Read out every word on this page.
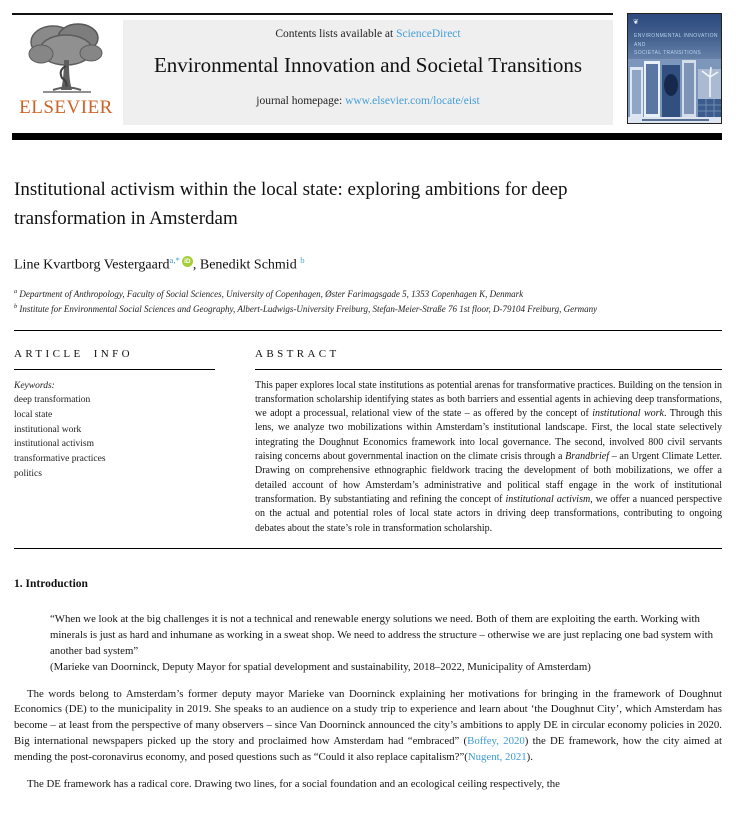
ELSEVIER
Contents lists available at ScienceDirect
Environmental Innovation and Societal Transitions
journal homepage: www.elsevier.com/locate/eist
❦
ENVIRONMENTAL INNOVATION AND
SOCIETAL TRANSITIONS
Institutional activism within the local state: exploring ambitions for deep transformation in Amsterdam
Line Kvartborg Vestergaard$^{a,*}$ iD , Benedikt Schmid $^b$
$^a$ Department of Anthropology, Faculty of Social Sciences, University of Copenhagen, Øster Farimagsgade 5, 1353 Copenhagen K, Denmark
$^b$ Institute for Environmental Social Sciences and Geography, Albert-Ludwigs-University Freiburg, Stefan-Meier-Straße 76 1st floor, D-79104 Freiburg, Germany
ARTICLE INFO
Keywords:
deep transformation
local state
institutional work
institutional activism
transformative practices
politics
ABSTRACT

This paper explores local state institutions as potential arenas for transformative practices. Building on the tension in transformation scholarship identifying states as both barriers and essential agents in achieving deep transformations, we adopt a processual, relational view of the state – as offered by the concept of institutional work. Through this lens, we analyze two mobilizations within Amsterdam’s institutional landscape. First, the local state selectively integrating the Doughnut Economics framework into local governance. The second, involved 800 civil servants raising concerns about governmental inaction on the climate crisis through a Brandbrief – an Urgent Climate Letter. Drawing on comprehensive ethnographic fieldwork tracing the development of both mobilizations, we offer a detailed account of how Amsterdam’s administrative and political staff engage in the work of institutional transformation. By substantiating and refining the concept of institutional activism, we offer a nuanced perspective on the actual and potential roles of local state actors in driving deep transformations, contributing to ongoing debates about the state’s role in transformation scholarship.

1. Introduction
“When we look at the big challenges it is not a technical and renewable energy solutions we need. Both of them are exploiting the earth. Working with minerals is just as hard and inhumane as working in a sweat shop. We need to address the structure – otherwise we are just replacing one bad system with another bad system”
(Marieke van Doorninck, Deputy Mayor for spatial development and sustainability, 2018–2022, Municipality of Amsterdam)

The words belong to Amsterdam’s former deputy mayor Marieke van Doorninck explaining her motivations for bringing in the framework of Doughnut Economics (DE) to the municipality in 2019. She speaks to an audience on a study trip to experience and learn about ‘the Doughnut City’, which Amsterdam has become – at least from the perspective of many observers – since Van Doorninck announced the city’s ambitions to apply DE in circular economy policies in 2020. Big international newspapers picked up the story and proclaimed how Amsterdam had “embraced” (Boffey, 2020) the DE framework, how the city aimed at mending the post-coronavirus economy, and posed questions such as “Could it also replace capitalism?”(Nugent, 2021).

The DE framework has a radical core. Drawing two lines, for a social foundation and an ecological ceiling respectively, the
